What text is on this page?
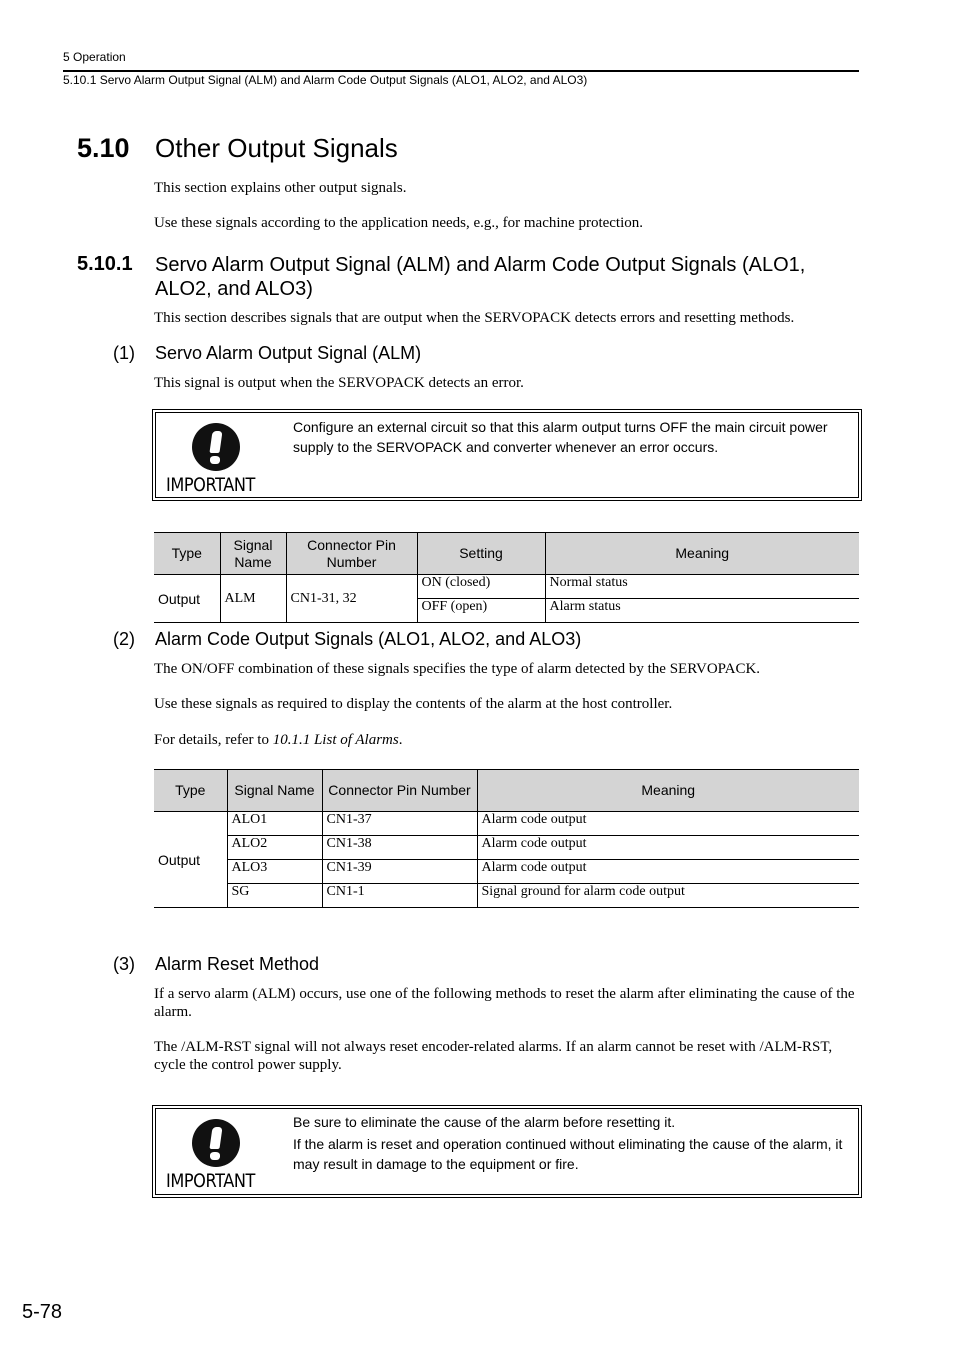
5 Operation
5.10.1 Servo Alarm Output Signal (ALM) and Alarm Code Output Signals (ALO1, ALO2, and ALO3)
5.10 Other Output Signals
This section explains other output signals.
Use these signals according to the application needs, e.g., for machine protection.
5.10.1 Servo Alarm Output Signal (ALM) and Alarm Code Output Signals (ALO1, ALO2, and ALO3)
This section describes signals that are output when the SERVOPACK detects errors and resetting methods.
(1) Servo Alarm Output Signal (ALM)
This signal is output when the SERVOPACK detects an error.
IMPORTANT
Configure an external circuit so that this alarm output turns OFF the main circuit power supply to the SERVOPACK and converter whenever an error occurs.
Type	Signal Name	Connector Pin Number	Setting	Meaning
Output	ALM	CN1-31, 32	ON (closed)	Normal status
			OFF (open)	Alarm status
(2) Alarm Code Output Signals (ALO1, ALO2, and ALO3)
The ON/OFF combination of these signals specifies the type of alarm detected by the SERVOPACK.
Use these signals as required to display the contents of the alarm at the host controller.
For details, refer to 10.1.1 List of Alarms.
Type	Signal Name	Connector Pin Number	Meaning
Output	ALO1	CN1-37	Alarm code output
	ALO2	CN1-38	Alarm code output
	ALO3	CN1-39	Alarm code output
	SG	CN1-1	Signal ground for alarm code output
(3) Alarm Reset Method
If a servo alarm (ALM) occurs, use one of the following methods to reset the alarm after eliminating the cause of the alarm.
The /ALM-RST signal will not always reset encoder-related alarms. If an alarm cannot be reset with /ALM-RST, cycle the control power supply.
IMPORTANT
Be sure to eliminate the cause of the alarm before resetting it.
If the alarm is reset and operation continued without eliminating the cause of the alarm, it may result in damage to the equipment or fire.
5-78
